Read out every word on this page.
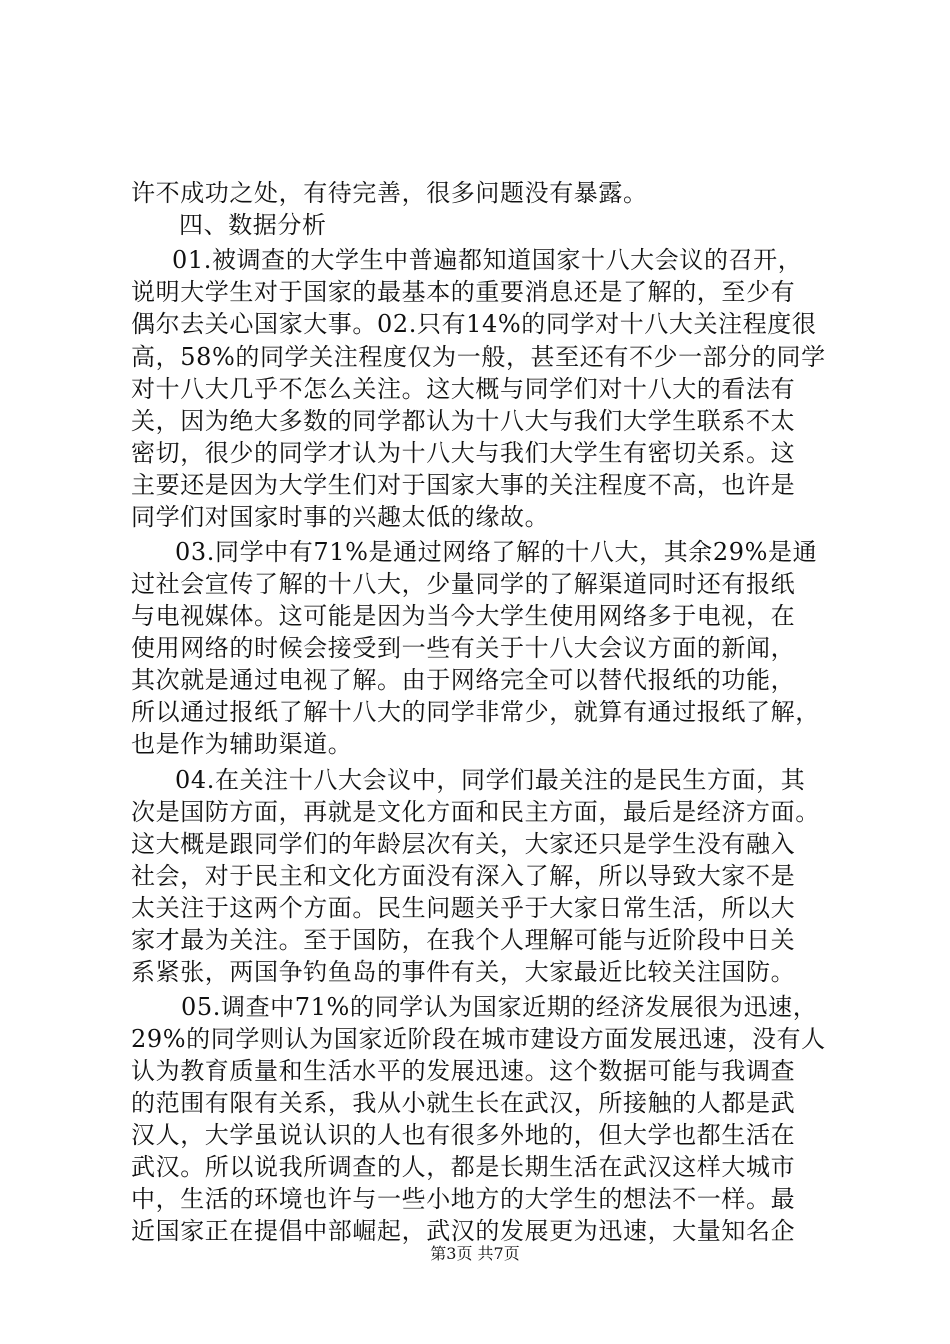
许不成功之处，有待完善，很多问题没有暴露。
四、数据分析
01.被调查的大学生中普遍都知道国家十八大会议的召开，
说明大学生对于国家的最基本的重要消息还是了解的，至少有
偶尔去关心国家大事。02.只有14%的同学对十八大关注程度很
高，58%的同学关注程度仅为一般，甚至还有不少一部分的同学
对十八大几乎不怎么关注。这大概与同学们对十八大的看法有
关，因为绝大多数的同学都认为十八大与我们大学生联系不太
密切，很少的同学才认为十八大与我们大学生有密切关系。这
主要还是因为大学生们对于国家大事的关注程度不高，也许是
同学们对国家时事的兴趣太低的缘故。
03.同学中有71%是通过网络了解的十八大，其余29%是通
过社会宣传了解的十八大，少量同学的了解渠道同时还有报纸
与电视媒体。这可能是因为当今大学生使用网络多于电视，在
使用网络的时候会接受到一些有关于十八大会议方面的新闻，
其次就是通过电视了解。由于网络完全可以替代报纸的功能，
所以通过报纸了解十八大的同学非常少，就算有通过报纸了解，
也是作为辅助渠道。
04.在关注十八大会议中，同学们最关注的是民生方面，其
次是国防方面，再就是文化方面和民主方面，最后是经济方面。
这大概是跟同学们的年龄层次有关，大家还只是学生没有融入
社会，对于民主和文化方面没有深入了解，所以导致大家不是
太关注于这两个方面。民生问题关乎于大家日常生活，所以大
家才最为关注。至于国防，在我个人理解可能与近阶段中日关
系紧张，两国争钓鱼岛的事件有关，大家最近比较关注国防。
05.调查中71%的同学认为国家近期的经济发展很为迅速，
29%的同学则认为国家近阶段在城市建设方面发展迅速，没有人
认为教育质量和生活水平的发展迅速。这个数据可能与我调查
的范围有限有关系，我从小就生长在武汉，所接触的人都是武
汉人，大学虽说认识的人也有很多外地的，但大学也都生活在
武汉。所以说我所调查的人，都是长期生活在武汉这样大城市
中，生活的环境也许与一些小地方的大学生的想法不一样。最
近国家正在提倡中部崛起，武汉的发展更为迅速，大量知名企
第3页 共7页
